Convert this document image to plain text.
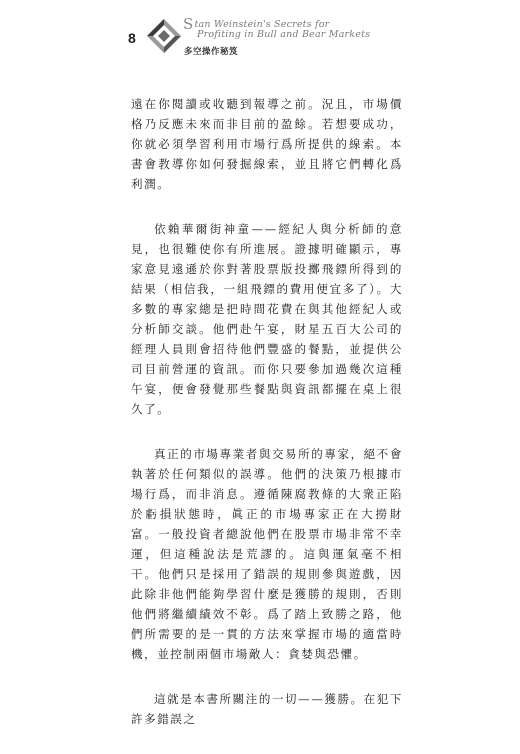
8
Stan Weinstein's Secrets for
Profiting in Bull and Bear Markets
多空操作秘笈

遠在你閱讀或收聽到報導之前。況且，市場價格乃反應未來而非目前的盈餘。若想要成功，你就必須學習利用市場行爲所提供的線索。本書會教導你如何發掘線索，並且將它們轉化爲利潤。

依賴華爾街神童——經紀人與分析師的意見，也很難使你有所進展。證據明確顯示，專家意見遠遜於你對著股票版投擲飛鏢所得到的結果（相信我，一組飛鏢的費用便宜多了）。大多數的專家總是把時間花費在與其他經紀人或分析師交談。他們赴午宴，財星五百大公司的經理人員則會招待他們豐盛的餐點，並提供公司目前營運的資訊。而你只要參加過幾次這種午宴，便會發覺那些餐點與資訊都擺在桌上很久了。

真正的市場專業者與交易所的專家，絕不會執著於任何類似的誤導。他們的決策乃根據市場行爲，而非消息。遵循陳腐教條的大衆正陷於虧損狀態時，眞正的市場專家正在大撈財富。一般投資者總說他們在股票市場非常不幸運，但這種說法是荒謬的。這與運氣毫不相干。他們只是採用了錯誤的規則參與遊戲，因此除非他們能夠學習什麼是獲勝的規則，否則他們將繼續績效不彰。爲了踏上致勝之路，他們所需要的是一貫的方法來掌握市場的適當時機，並控制兩個市場敵人：貪婪與恐懼。

這就是本書所關注的一切——獲勝。在犯下許多錯誤之
